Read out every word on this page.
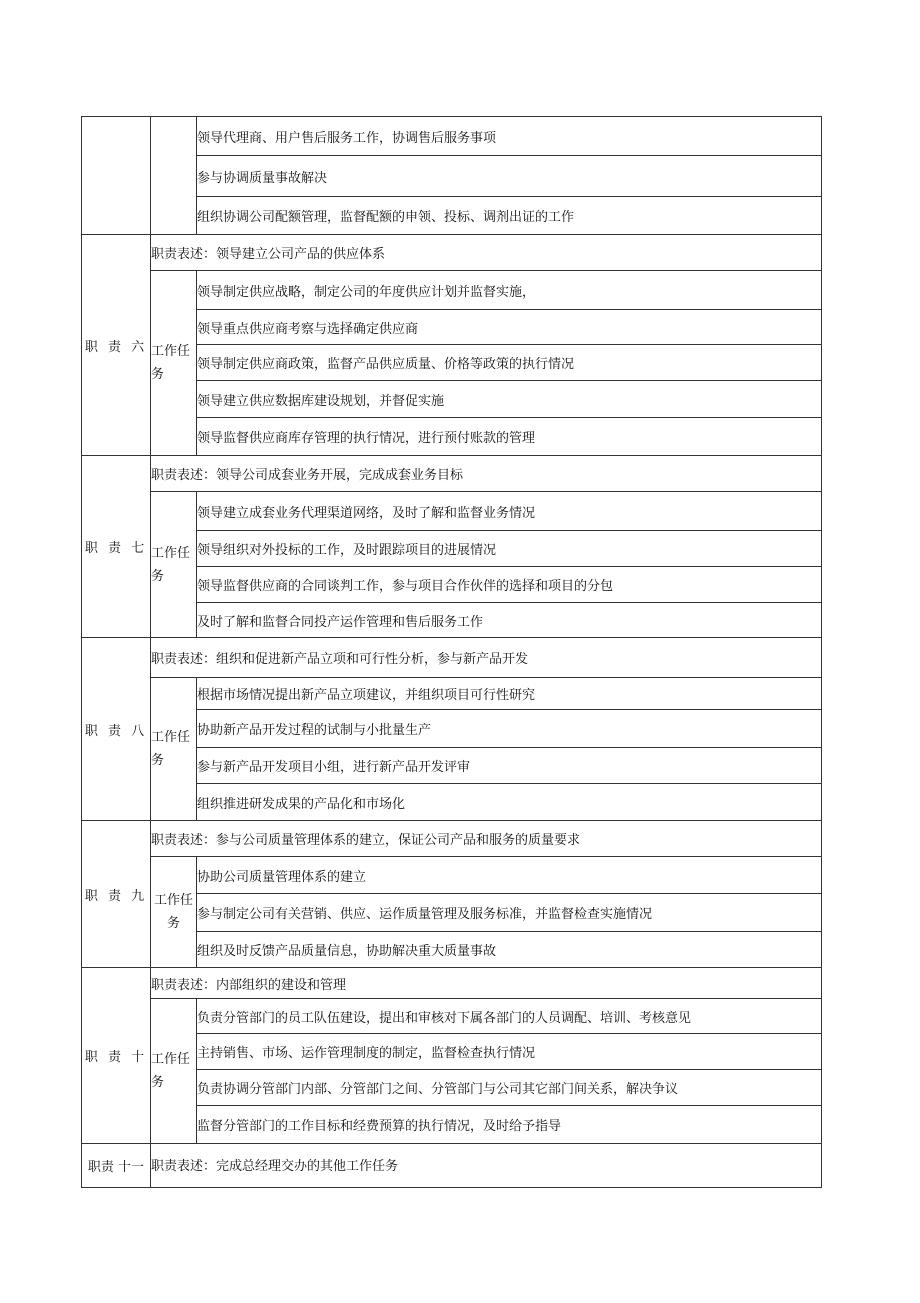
		领导代理商、用户售后服务工作，协调售后服务事项
		参与协调质量事故解决
		组织协调公司配额管理，监督配额的申领、投标、调剂出证的工作
职 责 六	职责表述：领导建立公司产品的供应体系	
	工作任务	领导制定供应战略，制定公司的年度供应计划并监督实施，
		领导重点供应商考察与选择确定供应商
		领导制定供应商政策，监督产品供应质量、价格等政策的执行情况
		领导建立供应数据库建设规划，并督促实施
		领导监督供应商库存管理的执行情况，进行预付账款的管理
职 责 七	职责表述：领导公司成套业务开展，完成成套业务目标	
	工作任务	领导建立成套业务代理渠道网络，及时了解和监督业务情况
		领导组织对外投标的工作，及时跟踪项目的进展情况
		领导监督供应商的合同谈判工作，参与项目合作伙伴的选择和项目的分包
		及时了解和监督合同投产运作管理和售后服务工作
职 责 八	职责表述：组织和促进新产品立项和可行性分析，参与新产品开发	
	工作任务	根据市场情况提出新产品立项建议，并组织项目可行性研究
		协助新产品开发过程的试制与小批量生产
		参与新产品开发项目小组，进行新产品开发评审
		组织推进研发成果的产品化和市场化
职 责 九	职责表述：参与公司质量管理体系的建立，保证公司产品和服务的质量要求	
	工作任务	协助公司质量管理体系的建立
		参与制定公司有关营销、供应、运作质量管理及服务标准，并监督检查实施情况
		组织及时反馈产品质量信息，协助解决重大质量事故
职 责 十	职责表述：内部组织的建设和管理	
	工作任务	负责分管部门的员工队伍建设，提出和审核对下属各部门的人员调配、培训、考核意见
		主持销售、市场、运作管理制度的制定，监督检查执行情况
		负责协调分管部门内部、分管部门之间、分管部门与公司其它部门间关系，解决争议
		监督分管部门的工作目标和经费预算的执行情况，及时给予指导
职责 十一	职责表述：完成总经理交办的其他工作任务	
